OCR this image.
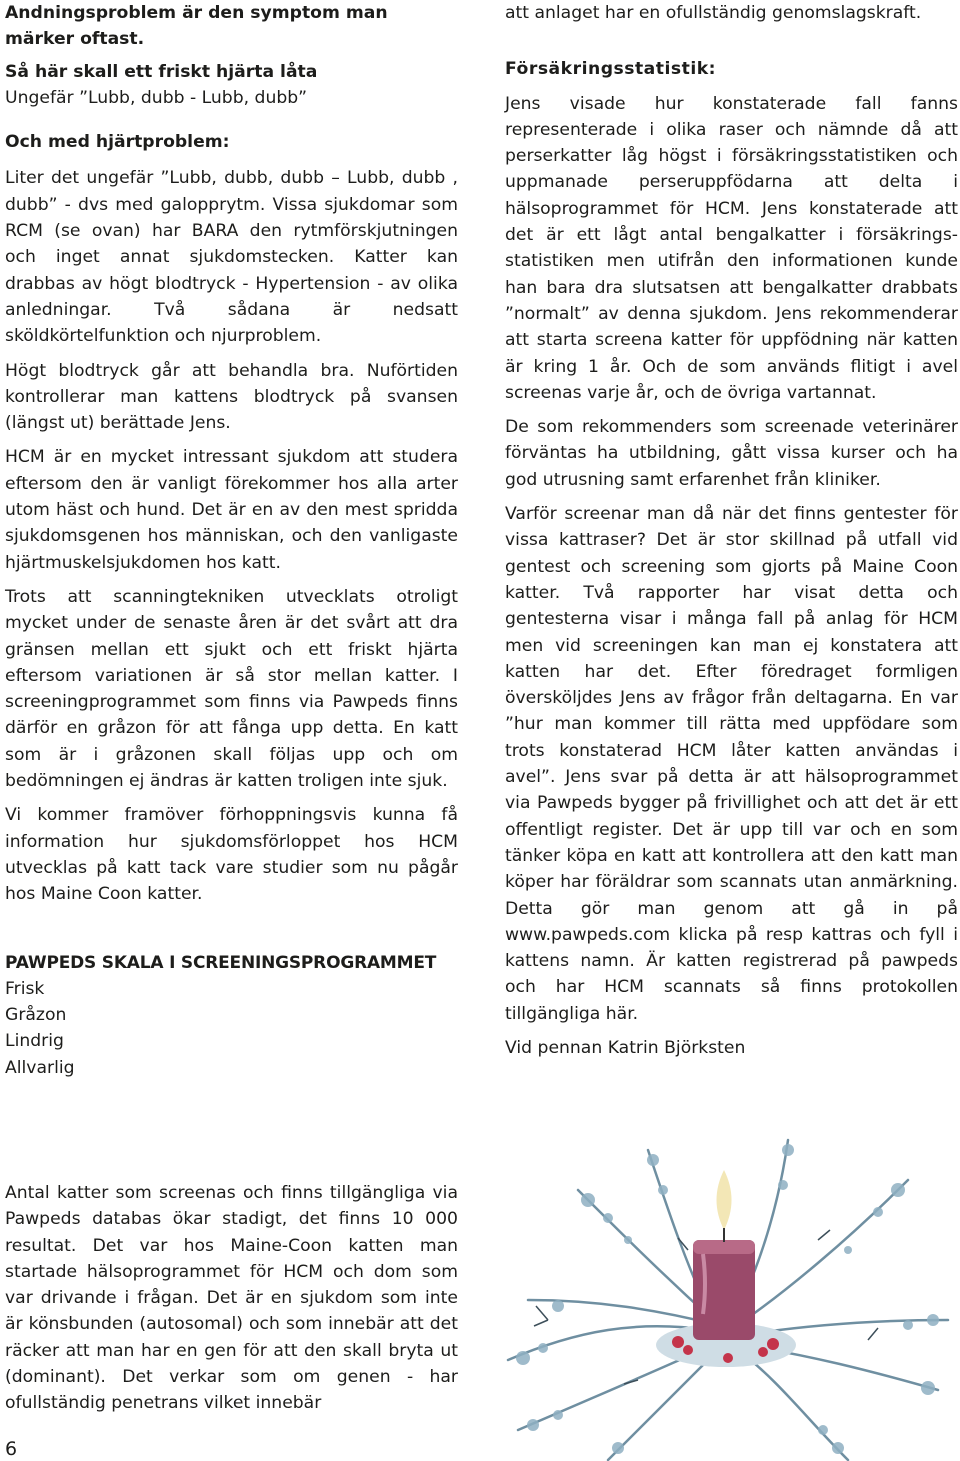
Andningsproblem är den symptom man märker oftast.

Så här skall ett friskt hjärta låta

Ungefär ”Lubb, dubb - Lubb, dubb”

Och med hjärtproblem:

Liter det ungefär ”Lubb, dubb, dubb – Lubb, dubb , dubb” - dvs med galopprytm. Vissa sjukdomar som RCM (se ovan) har BARA den rytmförskjutningen och inget annat sjukdomstecken. Katter kan drabbas av högt blodtryck - Hypertension - av olika anledningar. Två sådana är nedsatt sköldkörtelfunktion och njurproblem.

Högt blodtryck går att behandla bra. Nuförtiden kontrollerar man kattens blodtryck på svansen (längst ut) berättade Jens.

HCM är en mycket intressant sjukdom att studera eftersom den är vanligt förekommer hos alla arter utom häst och hund. Det är en av den mest spridda sjukdomsgenen hos människan, och den vanligaste hjärtmuskelsjukdomen hos katt.

Trots att scanningtekniken utvecklats otroligt mycket under de senaste åren är det svårt att dra gränsen mellan ett sjukt och ett friskt hjärta eftersom variationen är så stor mellan katter. I screeningprogrammet som finns via Pawpeds finns därför en gråzon för att fånga upp detta. En katt som är i gråzonen skall följas upp och om bedömningen ej ändras är katten troligen inte sjuk.

Vi kommer framöver förhoppningsvis kunna få information hur sjukdomsförloppet hos HCM utvecklas på katt tack vare studier som nu pågår hos Maine Coon katter.

PAWPEDS SKALA I SCREENINGSPROGRAMMET

Frisk

Gråzon

Lindrig

Allvarlig

Antal katter som screenas och finns tillgängliga via Pawpeds databas ökar stadigt, det finns 10 000 resultat. Det var hos Maine-Coon katten man startade hälsoprogrammet för HCM och dom som var drivande i frågan. Det är en sjukdom som inte är könsbunden (autosomal) och som innebär att det räcker att man har en gen för att den skall bryta ut (dominant). Det verkar som om genen - har ofullständig penetrans vilket innebär

att anlaget har en ofullständig genomslagskraft.

Försäkringsstatistik:

Jens visade hur konstaterade fall fanns representerade i olika raser och nämnde då att perserkatter låg högst i försäkringsstatistiken och uppmanade perseruppfödarna att delta i hälsoprogrammet för HCM. Jens konstaterade att det är ett lågt antal bengalkatter i försäkrings-statistiken men utifrån den informationen kunde han bara dra slutsatsen att bengalkatter drabbats ”normalt” av denna sjukdom. Jens rekommenderar att starta screena katter för uppfödning när katten är kring 1 år. Och de som används flitigt i avel screenas varje år, och de övriga vartannat.

De som rekommenders som screenade veterinärer förväntas ha utbildning, gått vissa kurser och ha god utrusning samt erfarenhet från kliniker.

Varför screenar man då när det finns gentester för vissa kattraser? Det är stor skillnad på utfall vid gentest och screening som gjorts på Maine Coon katter. Två rapporter har visat detta och gentesterna visar i många fall på anlag för HCM men vid screeningen kan man ej konstatera att katten har det. Efter föredraget formligen översköljdes Jens av frågor från deltagarna. En var ”hur man kommer till rätta med uppfödare som trots konstaterad HCM låter katten användas i avel”. Jens svar på detta är att hälsoprogrammet via Pawpeds bygger på frivillighet och att det är ett offentligt register. Det är upp till var och en som tänker köpa en katt att kontrollera att den katt man köper har föräldrar som scannats utan anmärkning. Detta gör man genom att gå in på www.pawpeds.com klicka på resp kattras och fyll i kattens namn. Är katten registrerad på pawpeds och har HCM scannats så finns protokollen tillgängliga här.

Vid pennan Katrin Björksten

6
